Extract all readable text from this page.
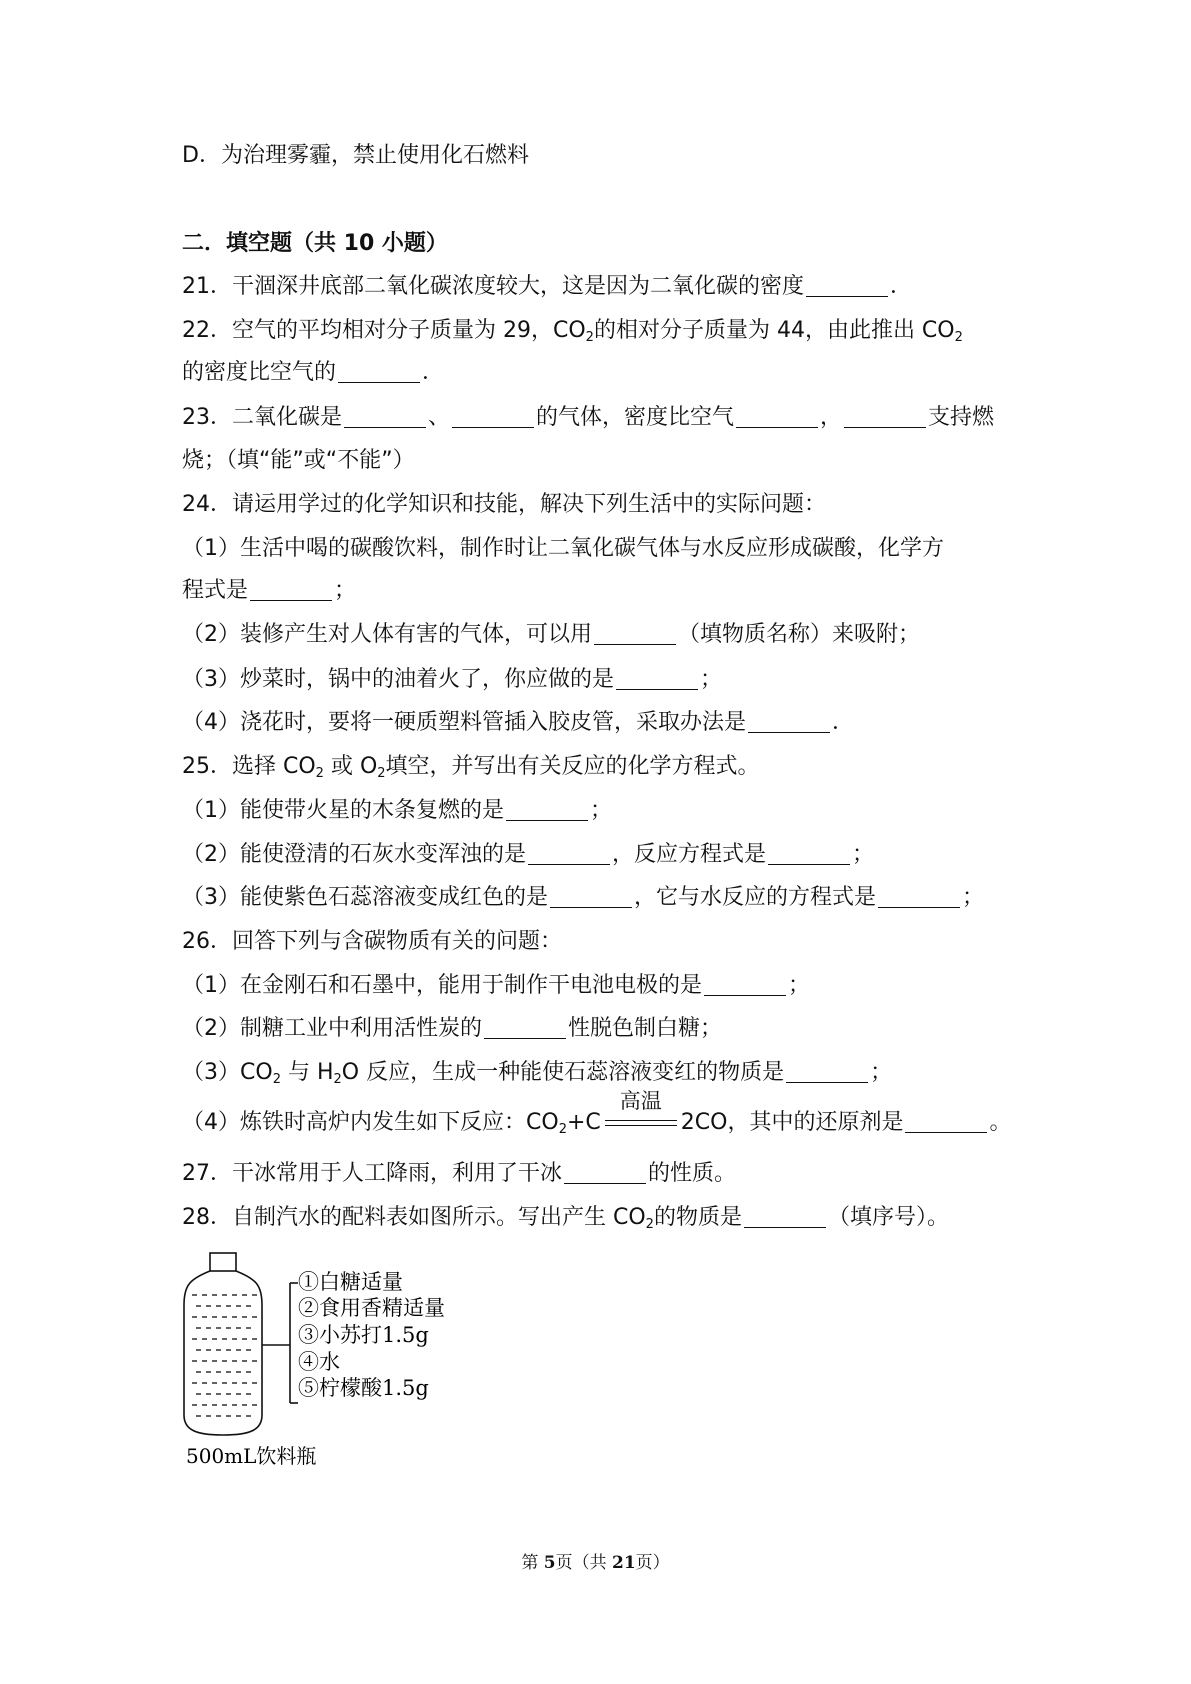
D．为治理雾霾，禁止使用化石燃料
二．填空题（共 10 小题）
21．干涸深井底部二氧化碳浓度较大，这是因为二氧化碳的密度	．
22．空气的平均相对分子质量为 29，$CO_2$的相对分子质量为 44，由此推出 $CO_2$
的密度比空气的	．
23．二氧化碳是	、	的气体，密度比空气	，	支持燃
烧；（填“能”或“不能”）
24．请运用学过的化学知识和技能，解决下列生活中的实际问题：
（1）生活中喝的碳酸饮料，制作时让二氧化碳气体与水反应形成碳酸，化学方
程式是	；
（2）装修产生对人体有害的气体，可以用	（填物质名称）来吸附；
（3）炒菜时，锅中的油着火了，你应做的是	；
（4）浇花时，要将一硬质塑料管插入胶皮管，采取办法是	．
25．选择 $CO_2$ 或 $O_2$填空，并写出有关反应的化学方程式。
（1）能使带火星的木条复燃的是	；
（2）能使澄清的石灰水变浑浊的是	，反应方程式是	；
（3）能使紫色石蕊溶液变成红色的是	，它与水反应的方程式是	；
26．回答下列与含碳物质有关的问题：
（1）在金刚石和石墨中，能用于制作干电池电极的是	；
（2）制糖工业中利用活性炭的	性脱色制白糖；
$(3)CO_2$ 与 $H_2O$ 反应，生成一种能使石蕊溶液变红的物质是	；
（4）炼铁时高炉内发生如下反应：$CO_2+C$
高温
2CO，其中的还原剂是	。
27．干冰常用于人工降雨，利用了干冰	的性质。
28．自制汽水的配料表如图所示。写出产生 $CO_2$的物质是	（填序号）。
①白糖适量
②食用香精适量
③小苏打1.5g
④水
⑤柠檬酸1.5g
500mL饮料瓶
第 5页（共 21页）
